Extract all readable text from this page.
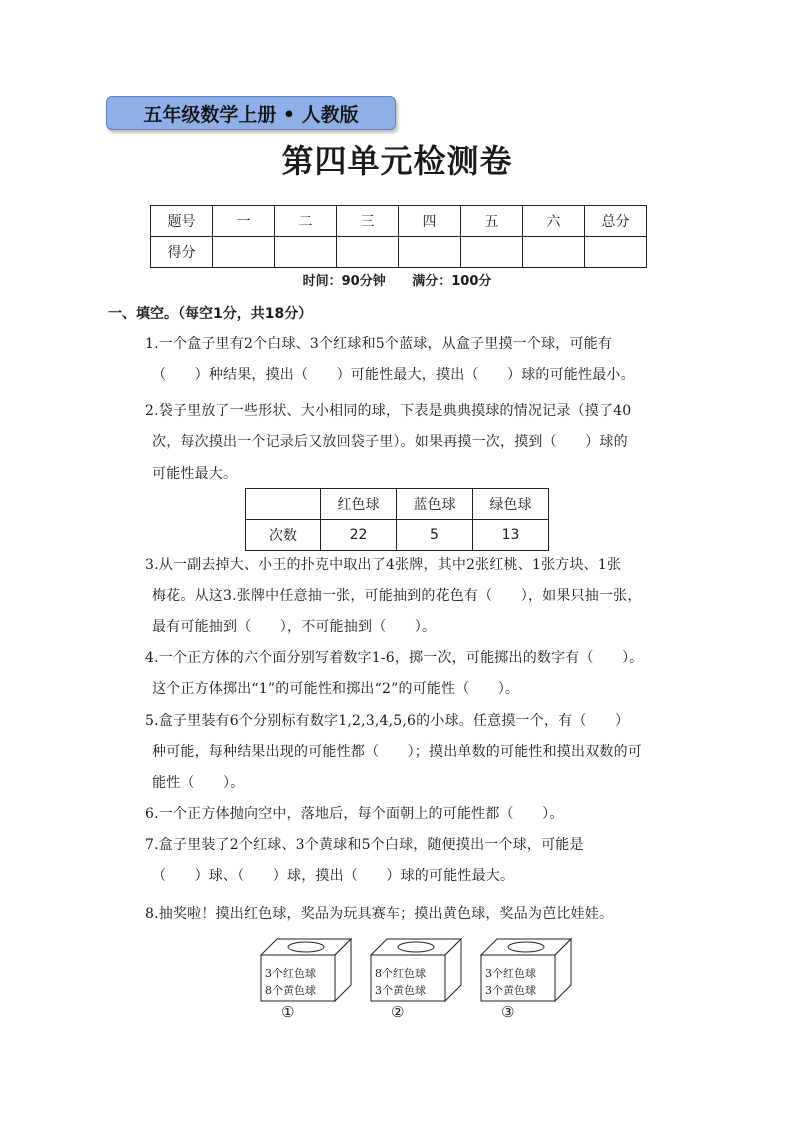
五年级数学上册 • 人教版
第四单元检测卷
题号	一	二	三	四	五	六	总分
得分							
时间：90分钟 满分：100分
一、填空。（每空1分，共18分）
1.一个盒子里有2个白球、3个红球和5个蓝球，从盒子里摸一个球，可能有
（　　）种结果，摸出（　　）可能性最大，摸出（　　）球的可能性最小。
2.袋子里放了一些形状、大小相同的球，下表是典典摸球的情况记录（摸了40
次，每次摸出一个记录后又放回袋子里）。如果再摸一次，摸到（　　）球的
可能性最大。
	红色球	蓝色球	绿色球
次数	22	5	13
3.从一副去掉大、小王的扑克中取出了4张牌，其中2张红桃、1张方块、1张
梅花。从这3.张牌中任意抽一张，可能抽到的花色有（　　），如果只抽一张，
最有可能抽到（　　），不可能抽到（　　）。
4.一个正方体的六个面分别写着数字1-6，掷一次，可能掷出的数字有（　　）。
这个正方体掷出“1”的可能性和掷出“2”的可能性（　　）。
5.盒子里装有6个分别标有数字1,2,3,4,5,6的小球。任意摸一个，有（　　）
种可能，每种结果出现的可能性都（　　）；摸出单数的可能性和摸出双数的可
能性（　　）。
6.一个正方体抛向空中，落地后，每个面朝上的可能性都（　　）。
7.盒子里装了2个红球、3个黄球和5个白球，随便摸出一个球，可能是
（　　）球、（　　）球，摸出（　　）球的可能性最大。
8.抽奖啦！摸出红色球，奖品为玩具赛车；摸出黄色球，奖品为芭比娃娃。
3个红色球
8个黄色球
①
8个红色球
3个黄色球
②
3个红色球
3个黄色球
③
